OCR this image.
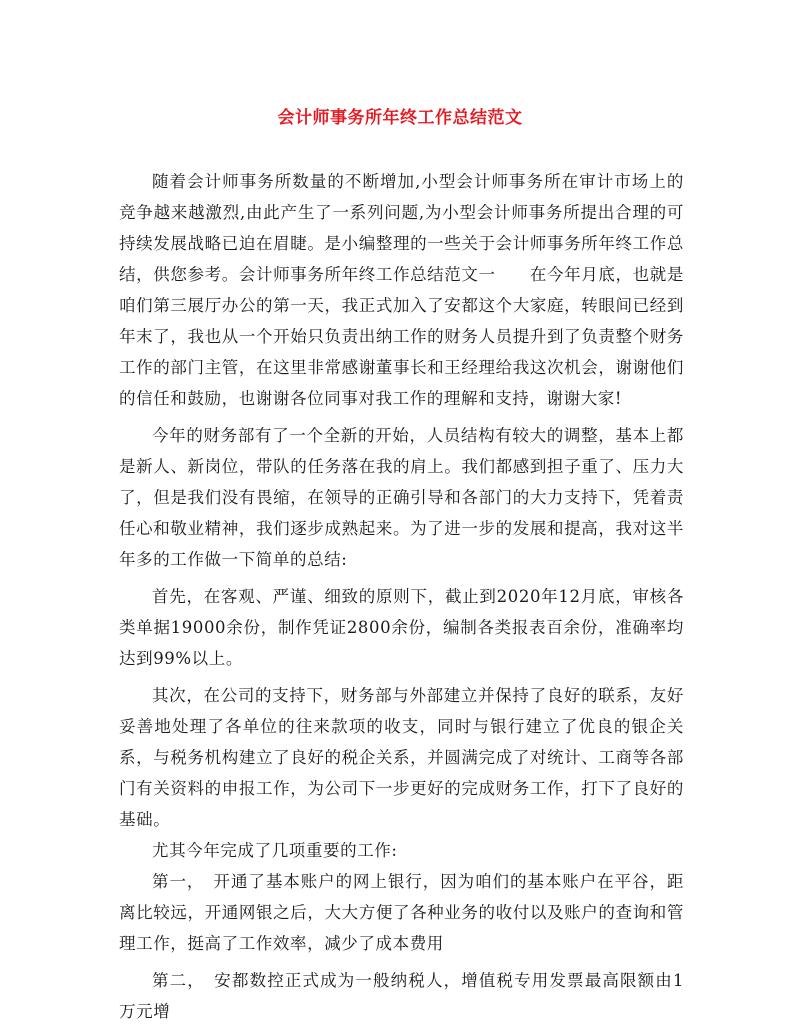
会计师事务所年终工作总结范文

随着会计师事务所数量的不断增加,小型会计师事务所在审计市场上的竞争越来越激烈,由此产生了一系列问题,为小型会计师事务所提出合理的可持续发展战略已迫在眉睫。是小编整理的一些关于会计师事务所年终工作总结，供您参考。会计师事务所年终工作总结范文一　　在今年月底，也就是咱们第三展厅办公的第一天，我正式加入了安都这个大家庭，转眼间已经到年末了，我也从一个开始只负责出纳工作的财务人员提升到了负责整个财务工作的部门主管，在这里非常感谢董事长和王经理给我这次机会，谢谢他们的信任和鼓励，也谢谢各位同事对我工作的理解和支持，谢谢大家!

今年的财务部有了一个全新的开始，人员结构有较大的调整，基本上都是新人、新岗位，带队的任务落在我的肩上。我们都感到担子重了、压力大了，但是我们没有畏缩，在领导的正确引导和各部门的大力支持下，凭着责任心和敬业精神，我们逐步成熟起来。为了进一步的发展和提高，我对这半年多的工作做一下简单的总结:

首先，在客观、严谨、细致的原则下，截止到2020年12月底，审核各类单据19000余份，制作凭证2800余份，编制各类报表百余份，准确率均达到99%以上。

其次，在公司的支持下，财务部与外部建立并保持了良好的联系，友好妥善地处理了各单位的往来款项的收支，同时与银行建立了优良的银企关系，与税务机构建立了良好的税企关系，并圆满完成了对统计、工商等各部门有关资料的申报工作，为公司下一步更好的完成财务工作，打下了良好的基础。

尤其今年完成了几项重要的工作:

第一，　开通了基本账户的网上银行，因为咱们的基本账户在平谷，距离比较远，开通网银之后，大大方便了各种业务的收付以及账户的查询和管理工作，挺高了工作效率，减少了成本费用

第二，　安都数控正式成为一般纳税人，增值税专用发票最高限额由1万元增
